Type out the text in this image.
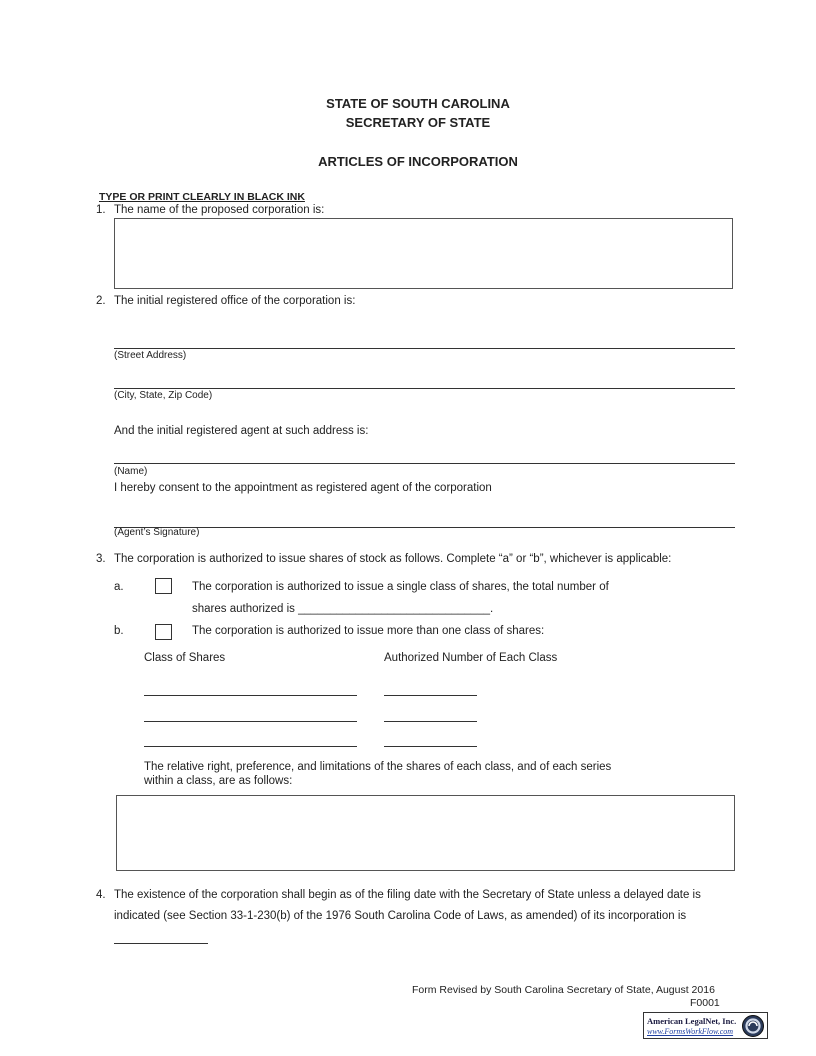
STATE OF SOUTH CAROLINA
SECRETARY OF STATE
ARTICLES OF INCORPORATION
TYPE OR PRINT CLEARLY IN BLACK INK
1. The name of the proposed corporation is:
2. The initial registered office of the corporation is:
(Street Address)
(City, State, Zip Code)
And the initial registered agent at such address is:
(Name)
I hereby consent to the appointment as registered agent of the corporation
(Agent’s Signature)
3. The corporation is authorized to issue shares of stock as follows. Complete “a” or “b”, whichever is applicable:
a.	The corporation is authorized to issue a single class of shares, the total number of
shares authorized is ______________________________.
b.	The corporation is authorized to issue more than one class of shares:
Class of Shares	Authorized Number of Each Class
The relative right, preference, and limitations of the shares of each class, and of each series
within a class, are as follows:
4. The existence of the corporation shall begin as of the filing date with the Secretary of State unless a delayed date is
indicated (see Section 33-1-230(b) of the 1976 South Carolina Code of Laws, as amended) of its incorporation is
Form Revised by South Carolina Secretary of State, August 2016
F0001
American LegalNet, Inc.
www.FormsWorkFlow.com
